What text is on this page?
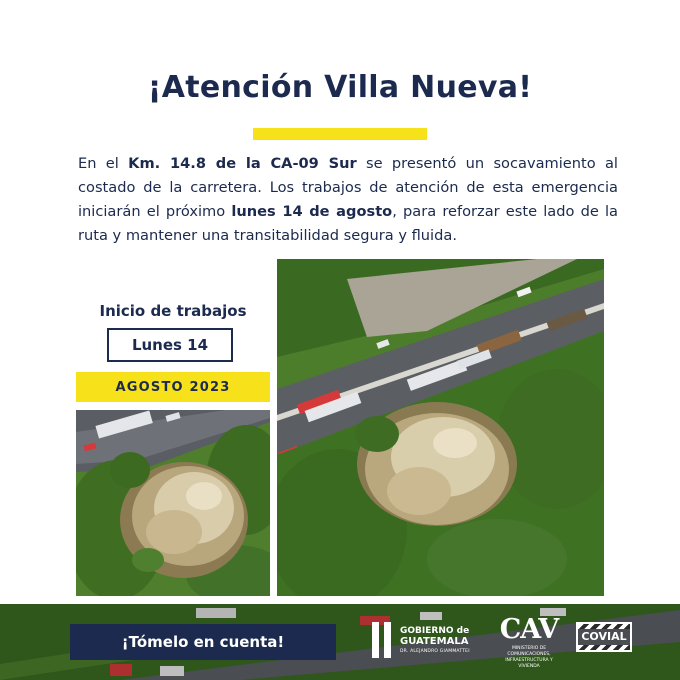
¡Atención Villa Nueva!

En el Km. 14.8 de la CA-09 Sur se presentó un socavamiento al costado de la carretera. Los trabajos de atención de esta emergencia iniciarán el próximo lunes 14 de agosto, para reforzar este lado de la ruta y mantener una transitabilidad segura y fluida.

Inicio de trabajos
Lunes 14
AGOSTO 2023
¡Tómelo en cuenta!
GOBIERNO de
GUATEMALA
DR. ALEJANDRO GIAMMATTEI
CAV
MINISTERIO DE COMUNICACIONES, INFRAESTRUCTURA Y VIVIENDA
COVIAL
